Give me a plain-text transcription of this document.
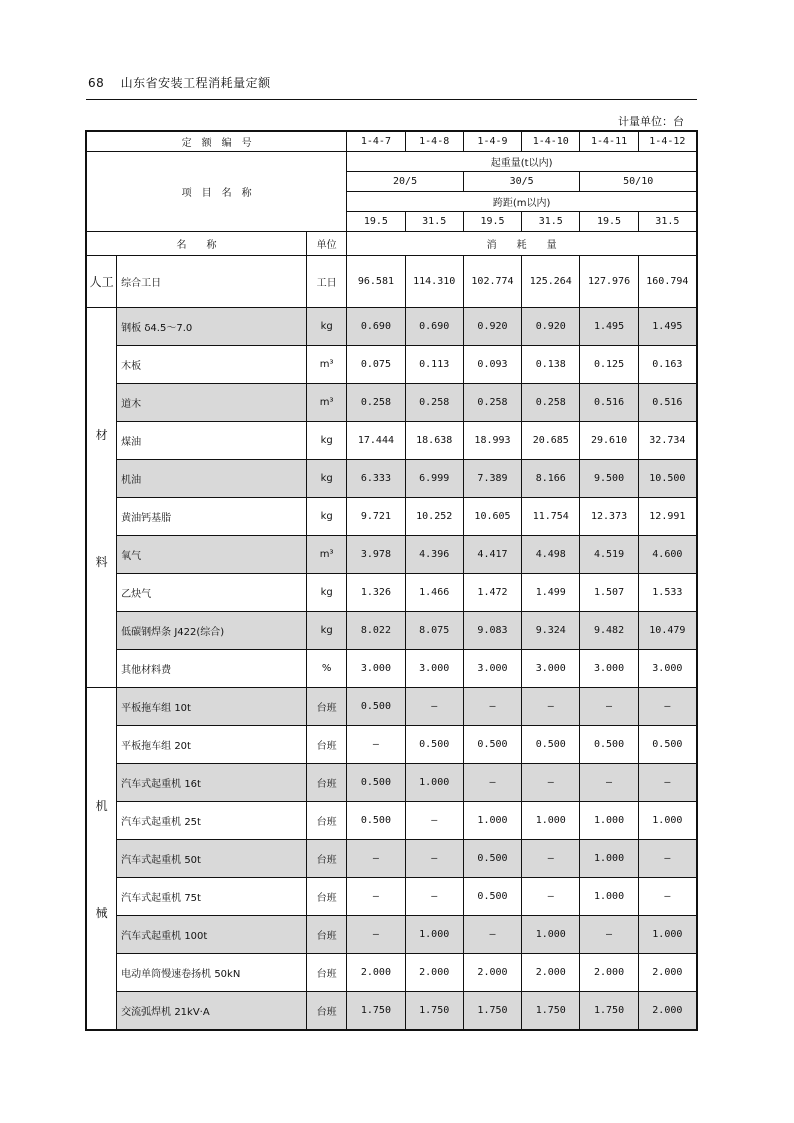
68 山东省安装工程消耗量定额
计量单位：台
定　额　编　号			1-4-7	1-4-8	1-4-9	1-4-10	1-4-11	1-4-12
项　目　名　称			起重量(t以内)					
			20/5		30/5		50/10	
			跨距(m以内)					
			19.5	31.5	19.5	31.5	19.5	31.5
名　　称		单位	消　　耗　　量					
人工	综合工日	工日	96.581	114.310	102.774	125.264	127.976	160.794

材
料	钢板 δ4.5～7.0	kg	0.690	0.690	0.920	0.920	1.495	1.495
	木板	m³	0.075	0.113	0.093	0.138	0.125	0.163
	道木	m³	0.258	0.258	0.258	0.258	0.516	0.516
	煤油	kg	17.444	18.638	18.993	20.685	29.610	32.734
	机油	kg	6.333	6.999	7.389	8.166	9.500	10.500
	黄油钙基脂	kg	9.721	10.252	10.605	11.754	12.373	12.991
	氧气	m³	3.978	4.396	4.417	4.498	4.519	4.600
	乙炔气	kg	1.326	1.466	1.472	1.499	1.507	1.533
	低碳钢焊条 J422(综合)	kg	8.022	8.075	9.083	9.324	9.482	10.479
	其他材料费	%	3.000	3.000	3.000	3.000	3.000	3.000

机
械	平板拖车组 10t	台班	0.500	—	—	—	—	—
	平板拖车组 20t	台班	—	0.500	0.500	0.500	0.500	0.500
	汽车式起重机 16t	台班	0.500	1.000	—	—	—	—
	汽车式起重机 25t	台班	0.500	—	1.000	1.000	1.000	1.000
	汽车式起重机 50t	台班	—	—	0.500	—	1.000	—
	汽车式起重机 75t	台班	—	—	0.500	—	1.000	—
	汽车式起重机 100t	台班	—	1.000	—	1.000	—	1.000
	电动单筒慢速卷扬机 50kN	台班	2.000	2.000	2.000	2.000	2.000	2.000
	交流弧焊机 21kV·A	台班	1.750	1.750	1.750	1.750	1.750	2.000
